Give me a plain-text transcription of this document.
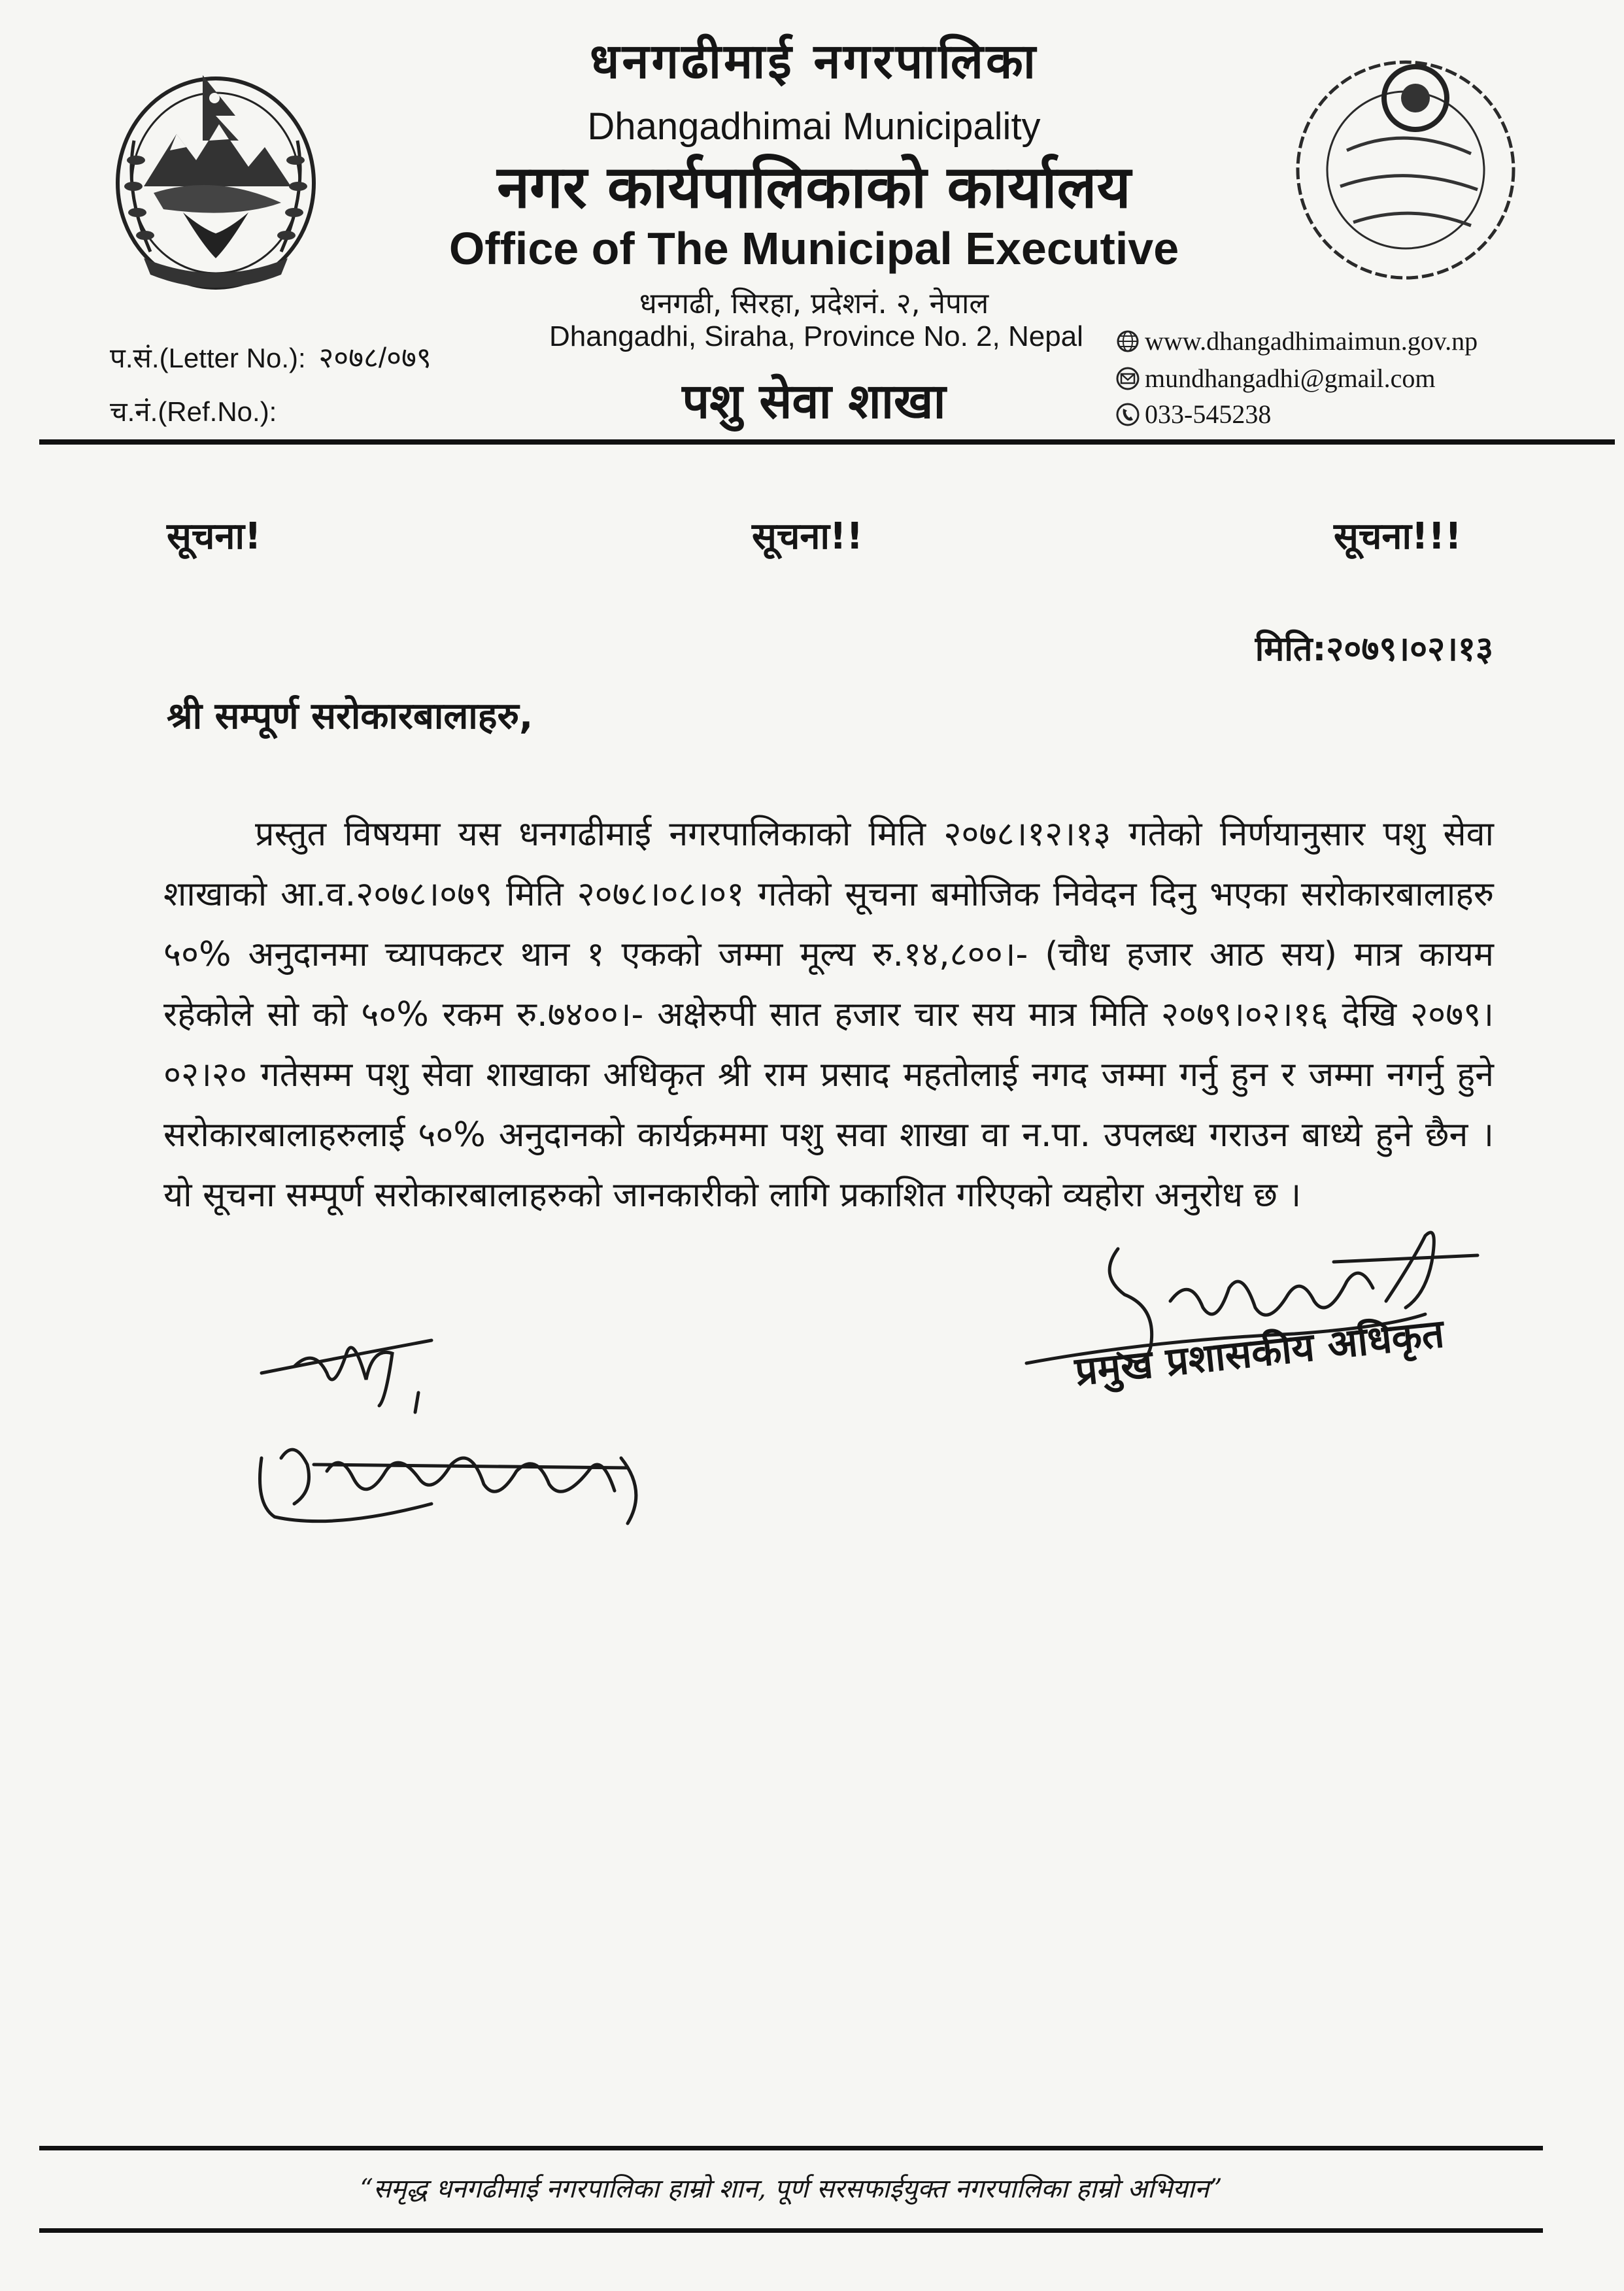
धनगढीमाई नगरपालिका
Dhangadhimai Municipality
नगर कार्यपालिकाको कार्यालय
Office of The Municipal Executive
धनगढी, सिरहा, प्रदेशनं. २, नेपाल
Dhangadhi, Siraha, Province No. 2, Nepal
पशु सेवा शाखा
प.सं.(Letter No.): २०७८/०७९
च.नं.(Ref.No.):
www.dhangadhimaimun.gov.np
mundhangadhi@gmail.com
033-545238
सूचना!	सूचना!!	सूचना!!!
मिति:२०७९।०२।१३
श्री सम्पूर्ण सरोकारबालाहरु,
प्रस्तुत विषयमा यस धनगढीमाई नगरपालिकाको मिति २०७८।१२।१३ गतेको निर्णयानुसार पशु सेवा शाखाको आ.व.२०७८।०७९ मिति २०७८।०८।०१ गतेको सूचना बमोजिक निवेदन दिनु भएका सरोकारबालाहरु ५०% अनुदानमा च्यापकटर थान १ एकको जम्मा मूल्य रु.१४,८००।- (चौध हजार आठ सय) मात्र कायम रहेकोले सो को ५०% रकम रु.७४००।- अक्षेरुपी सात हजार चार सय मात्र मिति २०७९।०२।१६ देखि २०७९।०२।२० गतेसम्म पशु सेवा शाखाका अधिकृत श्री राम प्रसाद महतोलाई नगद जम्मा गर्नु हुन र जम्मा नगर्नु हुने सरोकारबालाहरुलाई ५०% अनुदानको कार्यक्रममा पशु सवा शाखा वा न.पा. उपलब्ध गराउन बाध्ये हुने छैन । यो सूचना सम्पूर्ण सरोकारबालाहरुको जानकारीको लागि प्रकाशित गरिएको व्यहोरा अनुरोध छ ।
प्रमुख प्रशासकीय अधिकृत
“समृद्ध धनगढीमाई नगरपालिका हाम्रो शान, पूर्ण सरसफाईयुक्त नगरपालिका हाम्रो अभियान”
